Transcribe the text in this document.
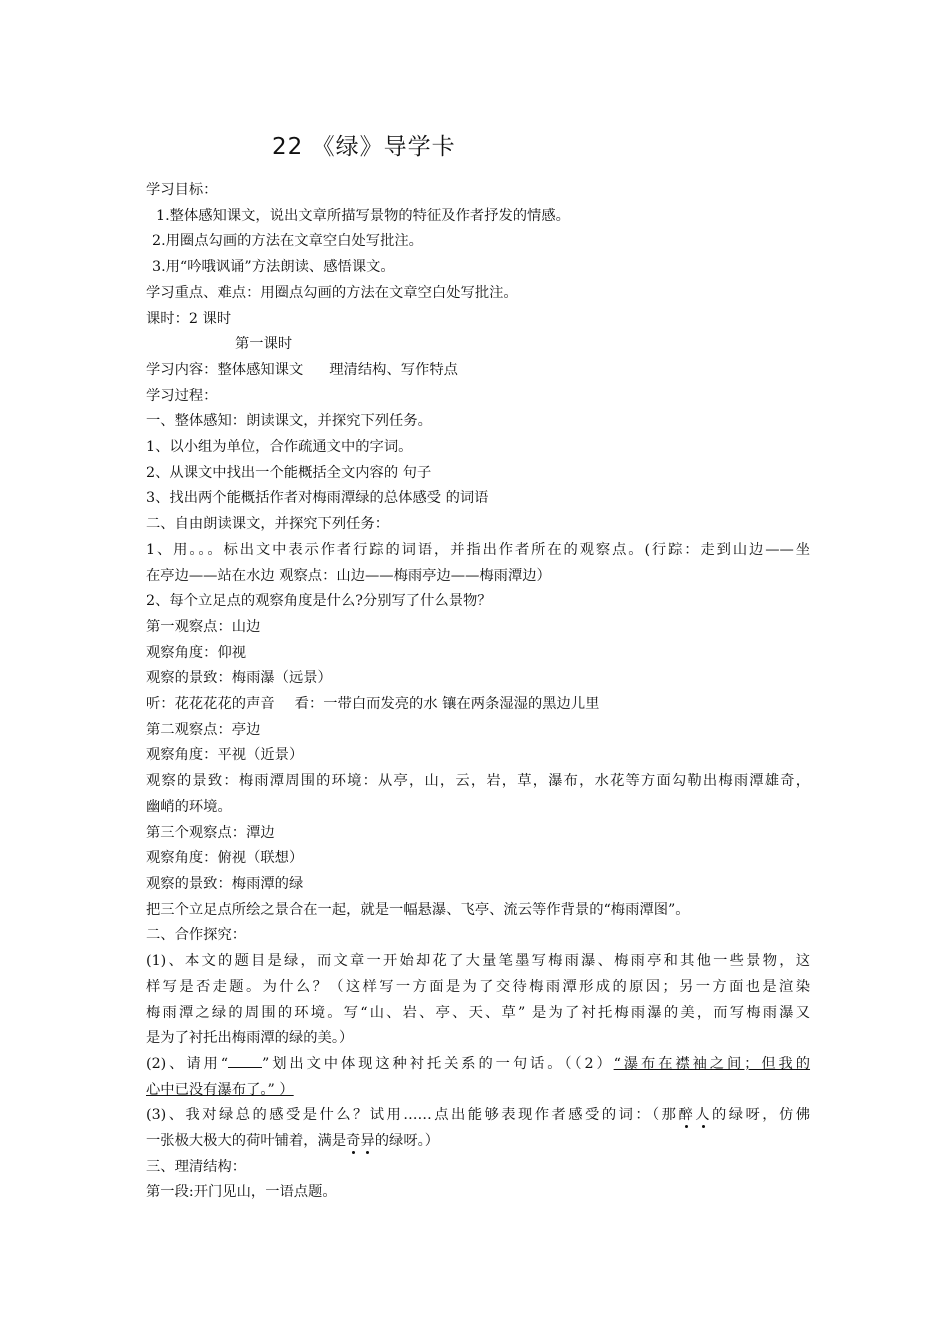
22 《绿》导学卡

学习目标：

1.整体感知课文，说出文章所描写景物的特征及作者抒发的情感。

2.用圈点勾画的方法在文章空白处写批注。

3.用“吟哦讽诵”方法朗读、感悟课文。

学习重点、难点：用圈点勾画的方法在文章空白处写批注。

课时：2 课时

第一课时

学习内容：整体感知课文 理清结构、写作特点

学习过程：

一、整体感知：朗读课文，并探究下列任务。

1、以小组为单位，合作疏通文中的字词。

2、从课文中找出一个能概括全文内容的 句子

3、找出两个能概括作者对梅雨潭绿的总体感受 的词语

二、自由朗读课文，并探究下列任务：

1、用。。。标出文中表示作者行踪的词语，并指出作者所在的观察点。(行踪：走到山边——坐

在亭边——站在水边 观察点：山边——梅雨亭边——梅雨潭边）

2、每个立足点的观察角度是什么?分别写了什么景物？

第一观察点：山边

观察角度：仰视

观察的景致：梅雨瀑（远景）

听：花花花花的声音 看：一带白而发亮的水 镶在两条湿湿的黑边儿里

第二观察点：亭边

观察角度：平视（近景）

观察的景致：梅雨潭周围的环境：从亭，山，云，岩，草，瀑布，水花等方面勾勒出梅雨潭雄奇，

幽峭的环境。

第三个观察点：潭边

观察角度：俯视（联想）

观察的景致：梅雨潭的绿

把三个立足点所绘之景合在一起，就是一幅悬瀑、飞亭、流云等作背景的“梅雨潭图”。

二、合作探究：

(1)、本文的题目是绿，而文章一开始却花了大量笔墨写梅雨瀑、梅雨亭和其他一些景物，这

样写是否走题。为什么？（这样写一方面是为了交待梅雨潭形成的原因；另一方面也是渲染

梅雨潭之绿的周围的环境。写“山、岩、亭、天、草” 是为了衬托梅雨瀑的美，而写梅雨瀑又

是为了衬托出梅雨潭的绿的美。）

(2)、请用“ ”划出文中体现这种衬托关系的一句话。（（2）“瀑布在襟袖之间；但我的

心中已没有瀑布了。” ）

(3)、我对绿总的感受是什么？试用……点出能够表现作者感受的词：（那醉人的绿呀，仿佛

一张极大极大的荷叶铺着，满是奇异的绿呀。）

三、理清结构：

第一段:开门见山，一语点题。
